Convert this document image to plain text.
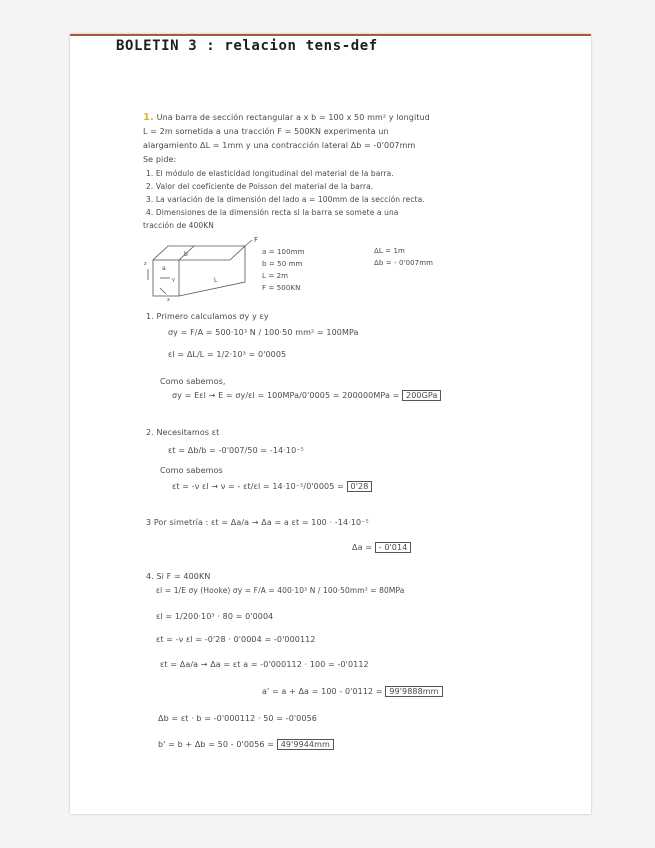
BOLETIN 3 : relacion tens-def
1. Una barra de sección rectangular a x b = 100 x 50 mm² y longitud
L = 2m sometida a una tracción F = 500KN experimenta un
alargamiento ΔL = 1mm y una contracción lateral Δb = -0'007mm
Se pide:
1. El módulo de elasticidad longitudinal del material de la barra.
2. Valor del coeficiente de Poisson del material de la barra.
3. La variación de la dimensión del lado a = 100mm de la sección recta.
4. Dimensiones de la dimensión recta si la barra se somete a una
tracción de 400KN
F
a
b
L
z
y
x
a = 100mm
b = 50 mm
L = 2m
F = 500KN
ΔL = 1m
Δb = - 0'007mm
1. Primero calculamos σy y εy
σy = F/A = 500·10³ N / 100·50 mm² = 100MPa
εl = ΔL/L = 1/2·10³ = 0'0005
Como sabemos,
σy = Eεl → E = σy/εl = 100MPa/0'0005 = 200000MPa = 200GPa
2. Necesitamos εt
εt = Δb/b = -0'007/50 = -14·10⁻⁵
Como sabemos
εt = -ν εl → ν = - εt/εl = 14·10⁻⁵/0'0005 = 0'28
3 Por simetría : εt = Δa/a → Δa = a εt = 100 · -14·10⁻⁵
Δa = - 0'014
4. Si F = 400KN
εl = 1/E σy (Hooke) σy = F/A = 400·10³ N / 100·50mm² = 80MPa
εl = 1/200·10³ · 80 = 0'0004
εt = -ν εl = -0'28 · 0'0004 = -0'000112
εt = Δa/a → Δa = εt a = -0'000112 · 100 = -0'0112
a' = a + Δa = 100 - 0'0112 = 99'9888mm
Δb = εt · b = -0'000112 · 50 = -0'0056
b' = b + Δb = 50 - 0'0056 = 49'9944mm
